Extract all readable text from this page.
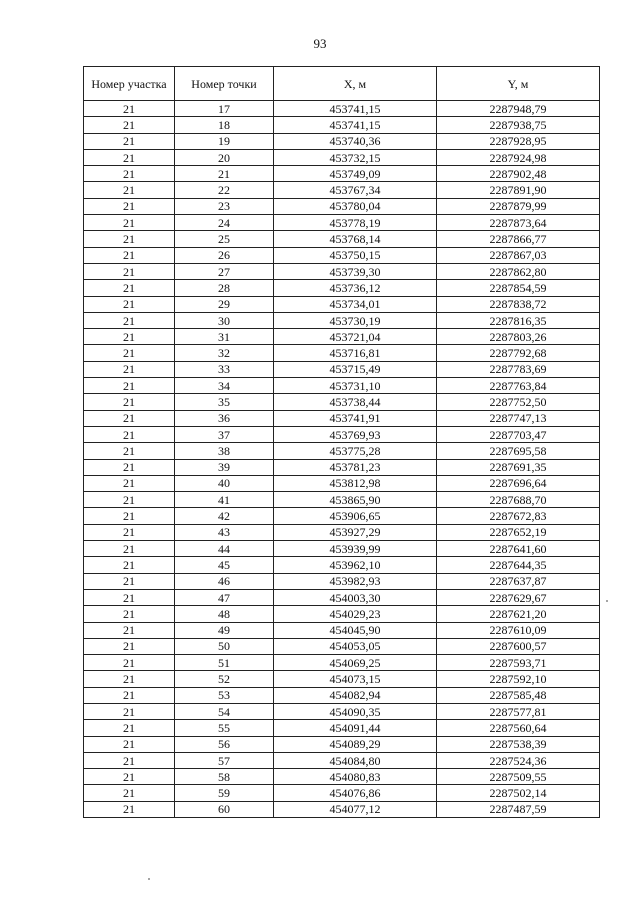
93
Номер участка	Номер точки	X, м	Y, м
21	17	453741,15	2287948,79
21	18	453741,15	2287938,75
21	19	453740,36	2287928,95
21	20	453732,15	2287924,98
21	21	453749,09	2287902,48
21	22	453767,34	2287891,90
21	23	453780,04	2287879,99
21	24	453778,19	2287873,64
21	25	453768,14	2287866,77
21	26	453750,15	2287867,03
21	27	453739,30	2287862,80
21	28	453736,12	2287854,59
21	29	453734,01	2287838,72
21	30	453730,19	2287816,35
21	31	453721,04	2287803,26
21	32	453716,81	2287792,68
21	33	453715,49	2287783,69
21	34	453731,10	2287763,84
21	35	453738,44	2287752,50
21	36	453741,91	2287747,13
21	37	453769,93	2287703,47
21	38	453775,28	2287695,58
21	39	453781,23	2287691,35
21	40	453812,98	2287696,64
21	41	453865,90	2287688,70
21	42	453906,65	2287672,83
21	43	453927,29	2287652,19
21	44	453939,99	2287641,60
21	45	453962,10	2287644,35
21	46	453982,93	2287637,87
21	47	454003,30	2287629,67
21	48	454029,23	2287621,20
21	49	454045,90	2287610,09
21	50	454053,05	2287600,57
21	51	454069,25	2287593,71
21	52	454073,15	2287592,10
21	53	454082,94	2287585,48
21	54	454090,35	2287577,81
21	55	454091,44	2287560,64
21	56	454089,29	2287538,39
21	57	454084,80	2287524,36
21	58	454080,83	2287509,55
21	59	454076,86	2287502,14
21	60	454077,12	2287487,59
